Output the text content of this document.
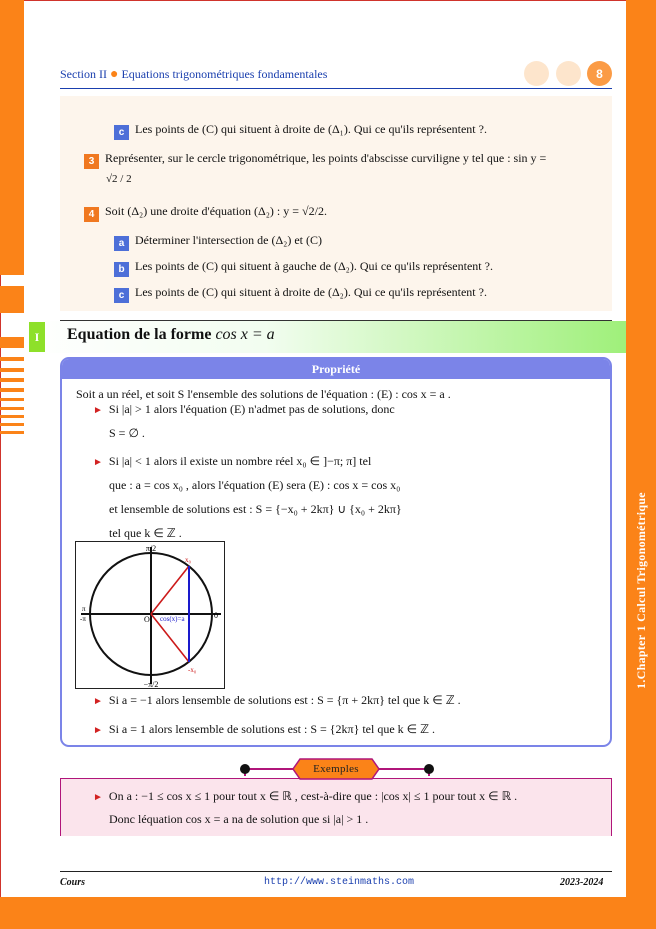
1.Chapter 1 Calcul Trigonométrique
Section II ● Equations trigonométriques fondamentales	8
c Les points de (C) qui situent à droite de (Δ₁). Qui ce qu'ils représentent ?.
3 Représenter, sur le cercle trigonométrique, les points d'abscisse curviligne y tel que : sin y =
√2 / 2
4 Soit (Δ₂) une droite d'équation (Δ₂) : y = √2/2.
a Déterminer l'intersection de (Δ₂) et (C)
b Les points de (C) qui situent à gauche de (Δ₂). Qui ce qu'ils représentent ?.
c Les points de (C) qui situent à droite de (Δ₂). Qui ce qu'ils représentent ?.
I	Equation de la forme cos x = a
Propriété
Soit a un réel, et soit S l'ensemble des solutions de l'équation : (E) : cos x = a .
► Si |a| > 1 alors l'équation (E) n'admet pas de solutions, donc
S = ∅ .
► Si |a| < 1 alors il existe un nombre réel x₀ ∈ ]−π; π] tel
que : a = cos x₀ , alors l'équation (E) sera (E) : cos x = cos x₀
et lensemble de solutions est : S = {−x₀ + 2kπ} ∪ {x₀ + 2kπ}
tel que k ∈ ℤ .
π/2
−π/2
π
-π	0
O
x₀
-x₀
cos(x)=a
► Si a = −1 alors lensemble de solutions est : S = {π + 2kπ} tel que k ∈ ℤ .
► Si a = 1 alors lensemble de solutions est : S = {2kπ} tel que k ∈ ℤ .
Exemples
► On a : −1 ≤ cos x ≤ 1 pour tout x ∈ ℝ , cest-à-dire que : |cos x| ≤ 1 pour tout x ∈ ℝ .
Donc léquation cos x = a na de solution que si |a| > 1 .
Cours	http://www.steinmaths.com	2023-2024
